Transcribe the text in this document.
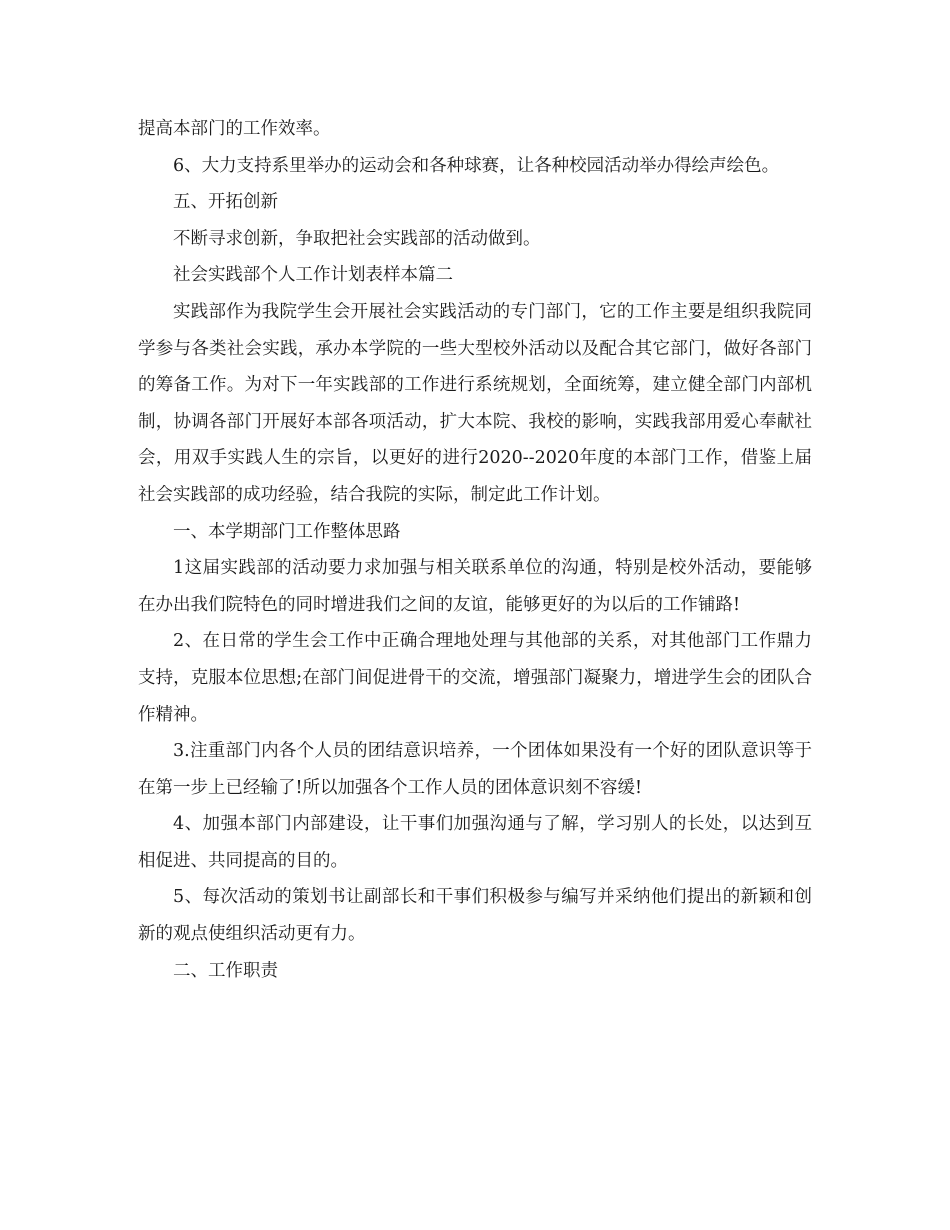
提高本部门的工作效率。

6、大力支持系里举办的运动会和各种球赛，让各种校园活动举办得绘声绘色。

五、开拓创新

不断寻求创新，争取把社会实践部的活动做到。

社会实践部个人工作计划表样本篇二

实践部作为我院学生会开展社会实践活动的专门部门，它的工作主要是组织我院同学参与各类社会实践，承办本学院的一些大型校外活动以及配合其它部门，做好各部门的筹备工作。为对下一年实践部的工作进行系统规划，全面统筹，建立健全部门内部机制，协调各部门开展好本部各项活动，扩大本院、我校的影响，实践我部用爱心奉献社会，用双手实践人生的宗旨，以更好的进行2020--2020年度的本部门工作，借鉴上届社会实践部的成功经验，结合我院的实际，制定此工作计划。

一、本学期部门工作整体思路

1这届实践部的活动要力求加强与相关联系单位的沟通，特别是校外活动，要能够在办出我们院特色的同时增进我们之间的友谊，能够更好的为以后的工作铺路!

2、在日常的学生会工作中正确合理地处理与其他部的关系，对其他部门工作鼎力支持，克服本位思想;在部门间促进骨干的交流，增强部门凝聚力，增进学生会的团队合作精神。

3.注重部门内各个人员的团结意识培养，一个团体如果没有一个好的团队意识等于在第一步上已经输了!所以加强各个工作人员的团体意识刻不容缓!

4、加强本部门内部建设，让干事们加强沟通与了解，学习别人的长处，以达到互相促进、共同提高的目的。

5、每次活动的策划书让副部长和干事们积极参与编写并采纳他们提出的新颖和创新的观点使组织活动更有力。

二、工作职责
